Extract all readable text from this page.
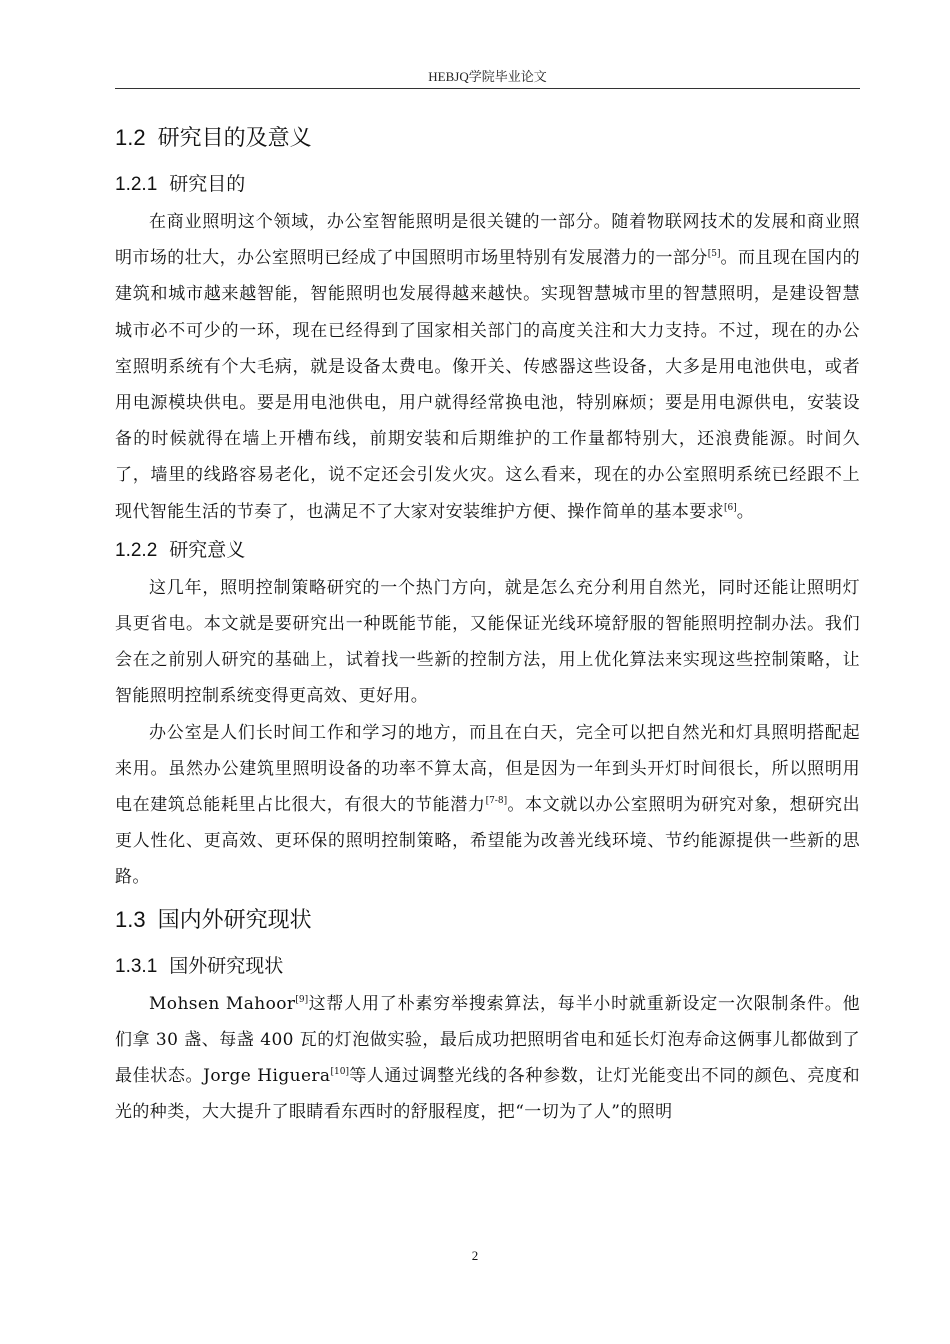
HEBJQ学院毕业论文
1.2 研究目的及意义
1.2.1 研究目的

在商业照明这个领域，办公室智能照明是很关键的一部分。随着物联网技术的发展和商业照明市场的壮大，办公室照明已经成了中国照明市场里特别有发展潜力的一部分[5]。而且现在国内的建筑和城市越来越智能，智能照明也发展得越来越快。实现智慧城市里的智慧照明，是建设智慧城市必不可少的一环，现在已经得到了国家相关部门的高度关注和大力支持。不过，现在的办公室照明系统有个大毛病，就是设备太费电。像开关、传感器这些设备，大多是用电池供电，或者用电源模块供电。要是用电池供电，用户就得经常换电池，特别麻烦；要是用电源供电，安装设备的时候就得在墙上开槽布线，前期安装和后期维护的工作量都特别大，还浪费能源。时间久了，墙里的线路容易老化，说不定还会引发火灾。这么看来，现在的办公室照明系统已经跟不上现代智能生活的节奏了，也满足不了大家对安装维护方便、操作简单的基本要求[6]。

1.2.2 研究意义

这几年，照明控制策略研究的一个热门方向，就是怎么充分利用自然光，同时还能让照明灯具更省电。本文就是要研究出一种既能节能，又能保证光线环境舒服的智能照明控制办法。我们会在之前别人研究的基础上，试着找一些新的控制方法，用上优化算法来实现这些控制策略，让智能照明控制系统变得更高效、更好用。

办公室是人们长时间工作和学习的地方，而且在白天，完全可以把自然光和灯具照明搭配起来用。虽然办公建筑里照明设备的功率不算太高，但是因为一年到头开灯时间很长，所以照明用电在建筑总能耗里占比很大，有很大的节能潜力[7-8]。本文就以办公室照明为研究对象，想研究出更人性化、更高效、更环保的照明控制策略，希望能为改善光线环境、节约能源提供一些新的思路。

1.3 国内外研究现状
1.3.1 国外研究现状

Mohsen Mahoor[9]这帮人用了朴素穷举搜索算法，每半小时就重新设定一次限制条件。他们拿 30 盏、每盏 400 瓦的灯泡做实验，最后成功把照明省电和延长灯泡寿命这俩事儿都做到了最佳状态。Jorge Higuera[10]等人通过调整光线的各种参数，让灯光能变出不同的颜色、亮度和光的种类，大大提升了眼睛看东西时的舒服程度，把“一切为了人”的照明

2
